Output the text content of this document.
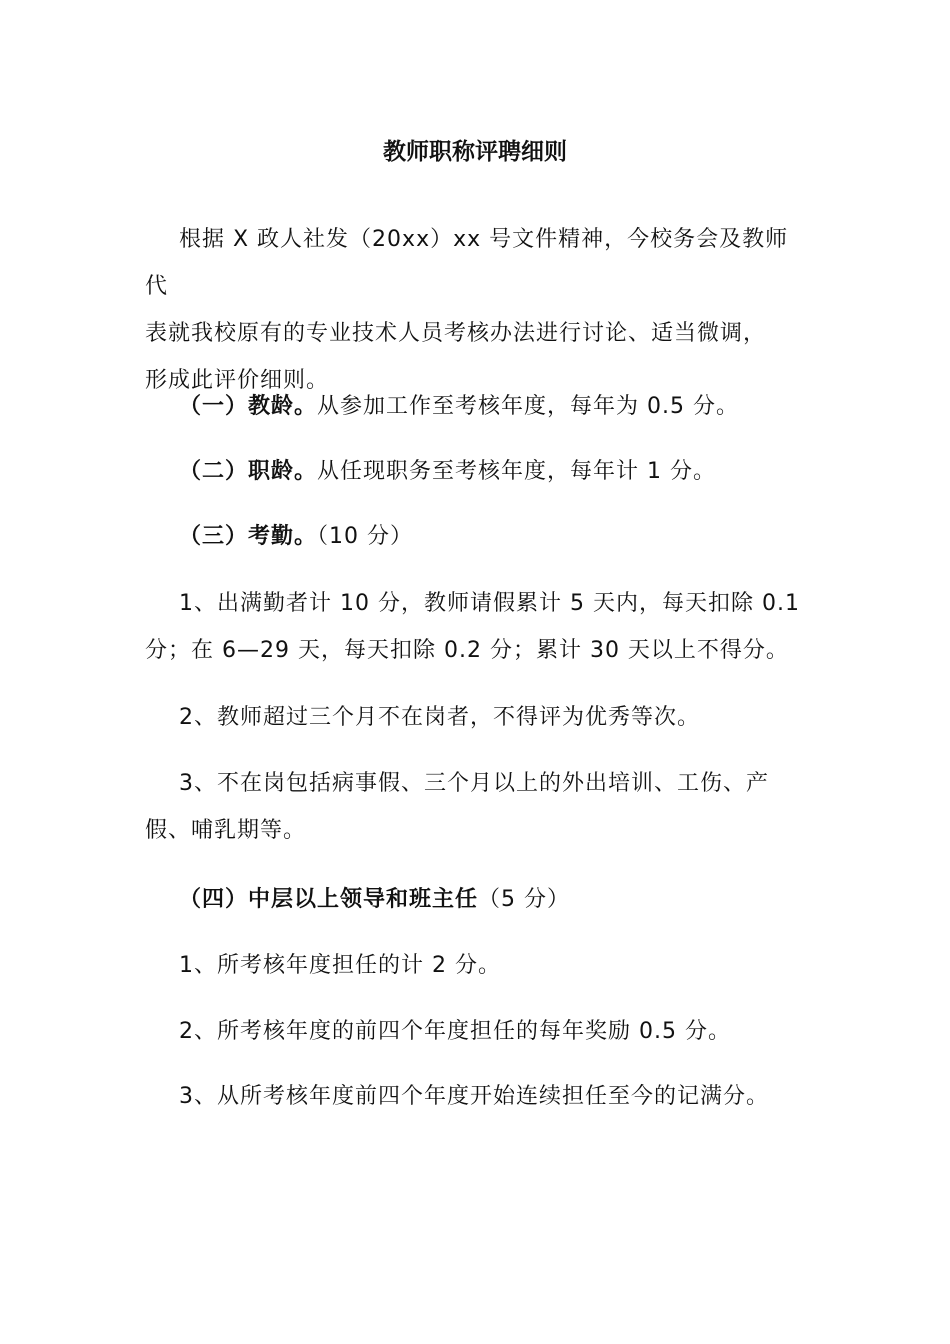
教师职称评聘细则
根据 X 政人社发（20xx）xx 号文件精神，今校务会及教师代
表就我校原有的专业技术人员考核办法进行讨论、适当微调，
形成此评价细则。
（一）教龄。从参加工作至考核年度，每年为 0.5 分。
（二）职龄。从任现职务至考核年度，每年计 1 分。
（三）考勤。（10 分）
1、出满勤者计 10 分，教师请假累计 5 天内，每天扣除 0.1
分；在 6—29 天，每天扣除 0.2 分；累计 30 天以上不得分。
2、教师超过三个月不在岗者，不得评为优秀等次。
3、不在岗包括病事假、三个月以上的外出培训、工伤、产
假、哺乳期等。
（四）中层以上领导和班主任（5 分）
1、所考核年度担任的计 2 分。
2、所考核年度的前四个年度担任的每年奖励 0.5 分。
3、从所考核年度前四个年度开始连续担任至今的记满分。
